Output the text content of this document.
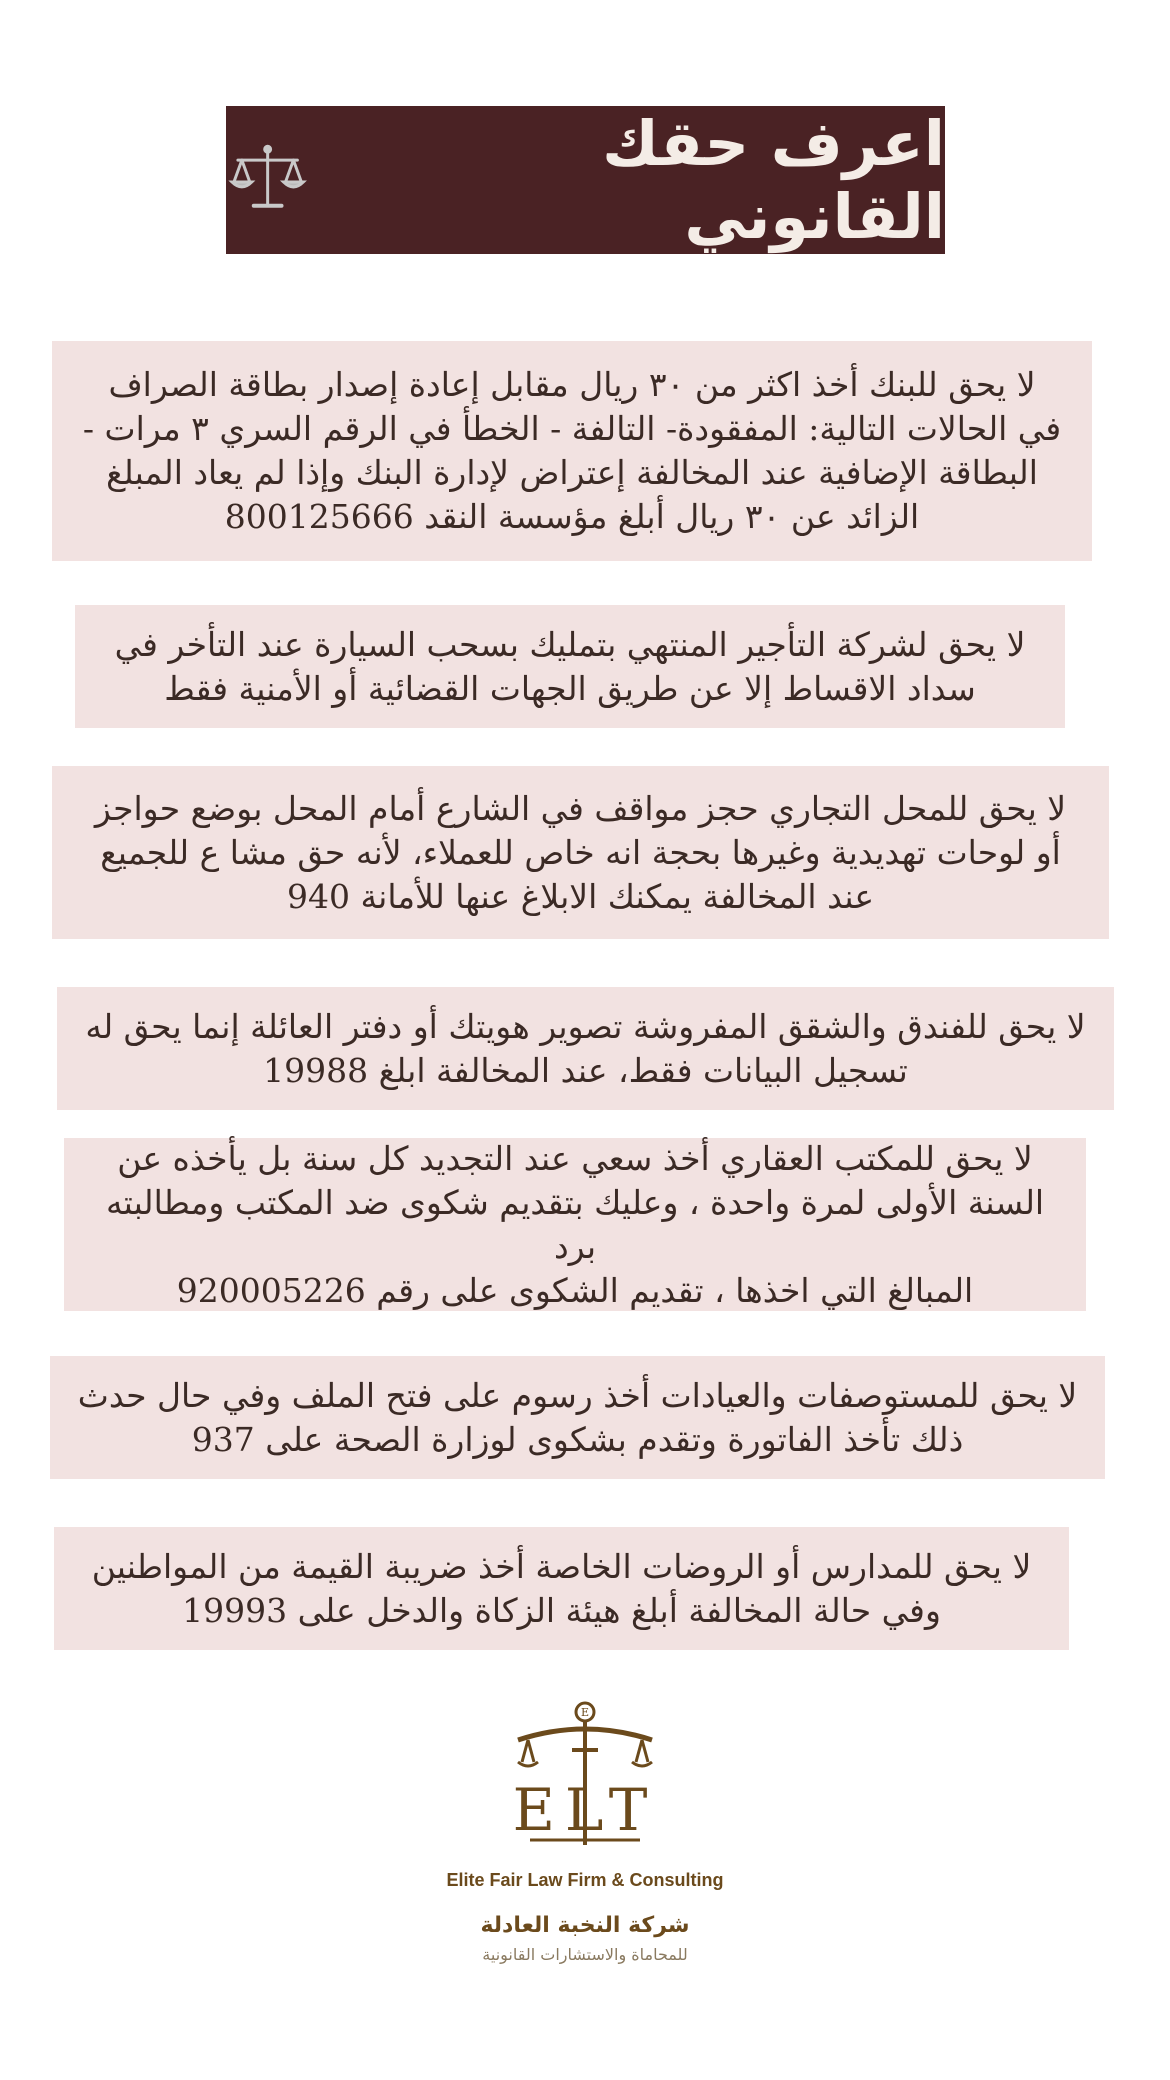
اعرف حقك القانوني

لا يحق للبنك أخذ اكثر من ٣٠ ريال مقابل إعادة إصدار بطاقة الصراف
في الحالات التالية: المفقودة- التالفة - الخطأ في الرقم السري ٣ مرات -
البطاقة الإضافية عند المخالفة إعتراض لإدارة البنك وإذا لم يعاد المبلغ
الزائد عن ٣٠ ريال أبلغ مؤسسة النقد 800125666

لا يحق لشركة التأجير المنتهي بتمليك بسحب السيارة عند التأخر في
سداد الاقساط إلا عن طريق الجهات القضائية أو الأمنية فقط

لا يحق للمحل التجاري حجز مواقف في الشارع أمام المحل بوضع حواجز
أو لوحات تهديدية وغيرها بحجة انه خاص للعملاء، لأنه حق مشا ع للجميع
عند المخالفة يمكنك الابلاغ عنها للأمانة 940

لا يحق للفندق والشقق المفروشة تصوير هويتك أو دفتر العائلة إنما يحق له
تسجيل البيانات فقط، عند المخالفة ابلغ 19988

لا يحق للمكتب العقاري أخذ سعي عند التجديد كل سنة بل يأخذه عن
السنة الأولى لمرة واحدة ، وعليك بتقديم شكوى ضد المكتب ومطالبته برد
المبالغ التي اخذها ، تقديم الشكوى على رقم 920005226

لا يحق للمستوصفات والعيادات أخذ رسوم على فتح الملف وفي حال حدث
ذلك تأخذ الفاتورة وتقدم بشكوى لوزارة الصحة على 937

لا يحق للمدارس أو الروضات الخاصة أخذ ضريبة القيمة من المواطنين
وفي حالة المخالفة أبلغ هيئة الزكاة والدخل على 19993

E
ELT
Elite Fair Law Firm & Consulting
شركة النخبة العادلة
للمحاماة والاستشارات القانونية
